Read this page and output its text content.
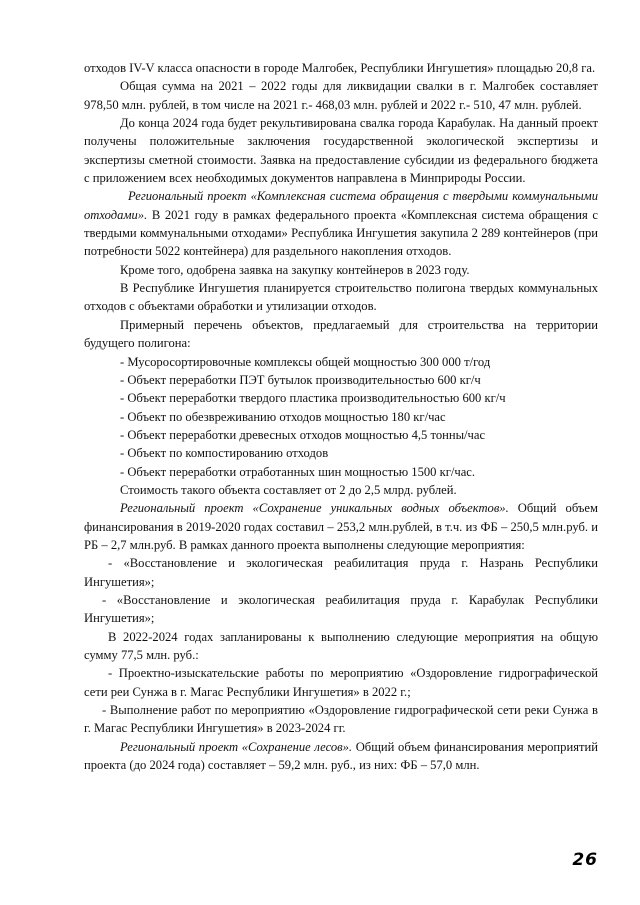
отходов IV-V класса опасности в городе Малгобек, Республики Ингушетия» площадью 20,8 га.

Общая сумма на 2021 – 2022 годы для ликвидации свалки в г. Малгобек составляет 978,50 млн. рублей, в том числе на 2021 г.- 468,03 млн. рублей и 2022 г.- 510, 47 млн. рублей.

До конца 2024 года будет рекультивирована свалка города Карабулак. На данный проект получены положительные заключения государственной экологической экспертизы и экспертизы сметной стоимости. Заявка на предоставление субсидии из федерального бюджета с приложением всех необходимых документов направлена в Минприроды России.

Региональный проект «Комплексная система обращения с твердыми коммунальными отходами». В 2021 году в рамках федерального проекта «Комплексная система обращения с твердыми коммунальными отходами» Республика Ингушетия закупила 2 289 контейнеров (при потребности 5022 контейнера) для раздельного накопления отходов.

Кроме того, одобрена заявка на закупку контейнеров в 2023 году.

В Республике Ингушетия планируется строительство полигона твердых коммунальных отходов с объектами обработки и утилизации отходов.

Примерный перечень объектов, предлагаемый для строительства на территории будущего полигона:

- Мусоросортировочные комплексы общей мощностью 300 000 т/год

- Объект переработки ПЭТ бутылок производительностью 600 кг/ч

- Объект переработки твердого пластика производительностью 600 кг/ч

- Объект по обезвреживанию отходов мощностью 180 кг/час

- Объект переработки древесных отходов мощностью 4,5 тонны/час

- Объект по компостированию отходов

- Объект переработки отработанных шин мощностью 1500 кг/час.

Стоимость такого объекта составляет от 2 до 2,5 млрд. рублей.

Региональный проект «Сохранение уникальных водных объектов». Общий объем финансирования в 2019-2020 годах составил – 253,2 млн.рублей, в т.ч. из ФБ – 250,5 млн.руб. и РБ – 2,7 млн.руб. В рамках данного проекта выполнены следующие мероприятия:

- «Восстановление и экологическая реабилитация пруда г. Назрань Республики Ингушетия»;

- «Восстановление и экологическая реабилитация пруда г. Карабулак Республики Ингушетия»;

В 2022-2024 годах запланированы к выполнению следующие мероприятия на общую сумму 77,5 млн. руб.:

- Проектно-изыскательские работы по мероприятию «Оздоровление гидрографической сети реи Сунжа в г. Магас Республики Ингушетия» в 2022 г.;

- Выполнение работ по мероприятию «Оздоровление гидрографической сети реки Сунжа в г. Магас Республики Ингушетия» в 2023-2024 гг.

Региональный проект «Сохранение лесов». Общий объем финансирования мероприятий проекта (до 2024 года) составляет – 59,2 млн. руб., из них: ФБ – 57,0 млн.

26
